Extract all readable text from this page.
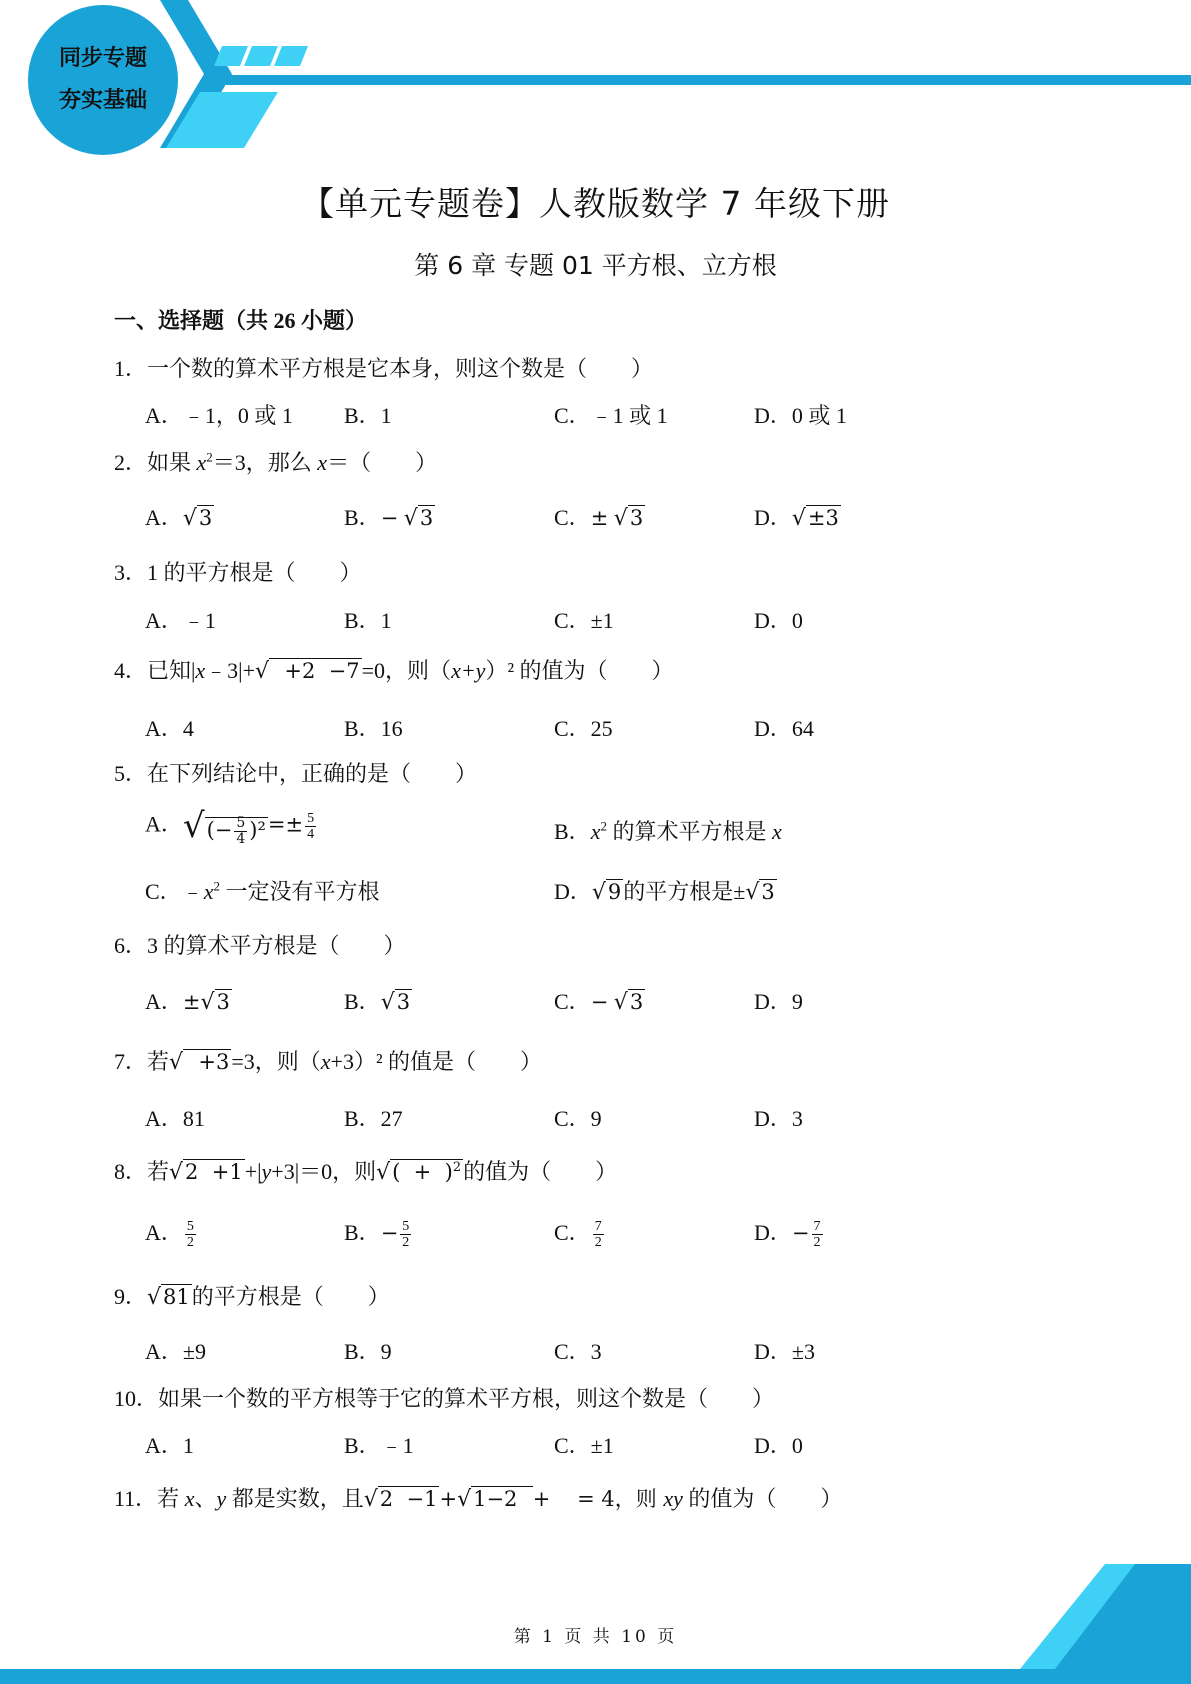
同步专题
夯实基础
【单元专题卷】人教版数学 7 年级下册
第 6 章 专题 01 平方根、立方根
一、选择题（共 26 小题）
1．一个数的算术平方根是它本身，则这个数是（　　）
A．﹣1，0 或 1 B．1	C．﹣1 或 1	D．0 或 1
2．如果 $x^2=3$，那么 x＝（　　）
A．√3	B．− √3	C．± √3	D．√±3
3．1 的平方根是（　　）
A．﹣1	B．1	C．±1	D．0
4．已知|x﹣3|+√  +2  −7=0，则（x+y）² 的值为（　　）
A．4	B．16	C．25	D．64
5．在下列结论中，正确的是（　　）
A．√(− $\frac{5}{4} )^2=\pm \frac{5}{4}$	B．$x^2$ 的算术平方根是 x
C．$﹣x^2$ 一定没有平方根	D．√9的平方根是±√3
6．3 的算术平方根是（　　）
A．±√3	B．√3	C．− √3	D．9
7．若√  +3=3，则（x+3）² 的值是（　　）
A．81	B．27	C．9	D．3
8．若√2  +1+|y+3|＝0，则√(  +  )$^2$的值为（　　）
A． $\frac{5}{2}$	B．− $\frac{5}{2}$	C． $\frac{7}{2}$	D．− $\frac{7}{2}$
9．√81的平方根是（　　）
A．±9	B．9	C．3	D．±3
10．如果一个数的平方根等于它的算术平方根，则这个数是（　　）
A．1	B．﹣1	C．±1	D．0
11．若 x、y 都是实数，且√2  −1+√1−2  +    = 4，则 xy 的值为（　　）
第 1 页 共 10 页
